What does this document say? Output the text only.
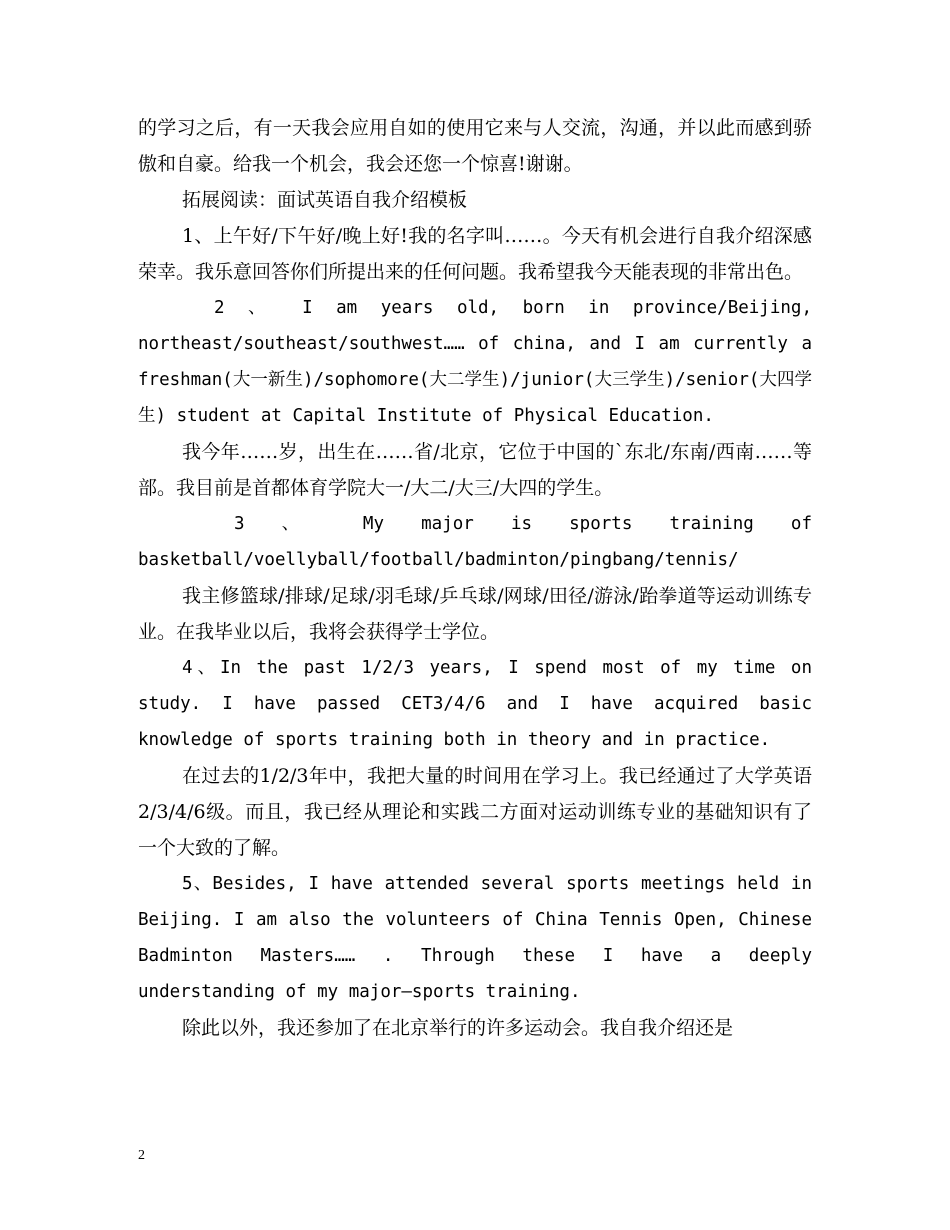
的学习之后，有一天我会应用自如的使用它来与人交流，沟通，并以此而感到骄傲和自豪。给我一个机会，我会还您一个惊喜!谢谢。

拓展阅读：面试英语自我介绍模板

1、上午好/下午好/晚上好!我的名字叫……。今天有机会进行自我介绍深感荣幸。我乐意回答你们所提出来的任何问题。我希望我今天能表现的非常出色。

2 、 I am years old, born in province/Beijing, northeast/southeast/southwest…… of china, and I am currently a freshman(大一新生)/sophomore(大二学生)/junior(大三学生)/senior(大四学生) student at Capital Institute of Physical Education.

我今年……岁，出生在……省/北京，它位于中国的`东北/东南/西南……等部。我目前是首都体育学院大一/大二/大三/大四的学生。

3 、 My major is sports training of basketball/voellyball/football/badminton/pingbang/tennis/

我主修篮球/排球/足球/羽毛球/乒乓球/网球/田径/游泳/跆拳道等运动训练专业。在我毕业以后，我将会获得学士学位。

4、In the past 1/2/3 years, I spend most of my time on study. I have passed CET3/4/6 and I have acquired basic knowledge of sports training both in theory and in practice.

在过去的1/2/3年中，我把大量的时间用在学习上。我已经通过了大学英语2/3/4/6级。而且，我已经从理论和实践二方面对运动训练专业的基础知识有了一个大致的了解。

5、Besides, I have attended several sports meetings held in Beijing. I am also the volunteers of China Tennis Open, Chinese Badminton Masters…… . Through these I have a deeply understanding of my major—sports training.

除此以外，我还参加了在北京举行的许多运动会。我自我介绍还是

2
